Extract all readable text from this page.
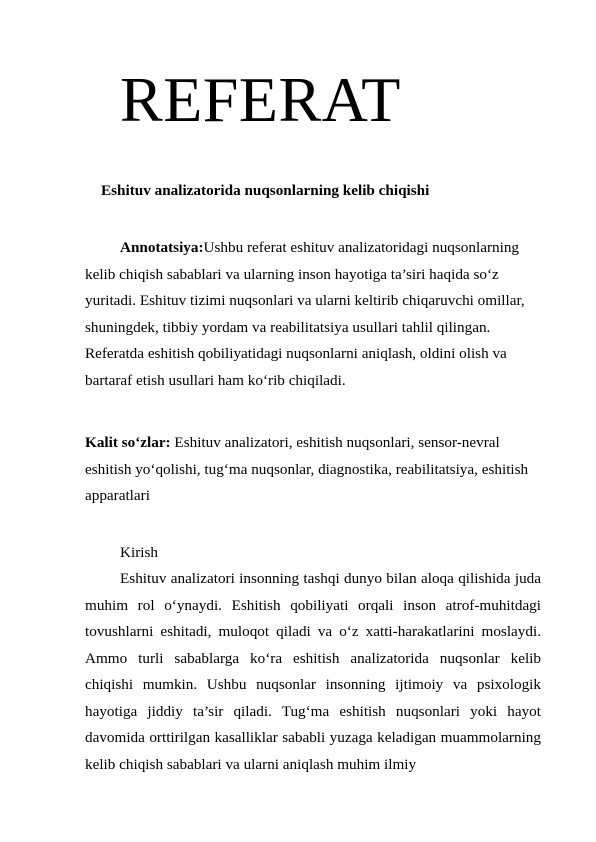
REFERAT
Eshituv analizatorida nuqsonlarning kelib chiqishi

Annotatsiya:Ushbu referat eshituv analizatoridagi nuqsonlarning kelib chiqish sabablari va ularning inson hayotiga ta’siri haqida so‘z yuritadi. Eshituv tizimi nuqsonlari va ularni keltirib chiqaruvchi omillar, shuningdek, tibbiy yordam va reabilitatsiya usullari tahlil qilingan. Referatda eshitish qobiliyatidagi nuqsonlarni aniqlash, oldini olish va bartaraf etish usullari ham ko‘rib chiqiladi.

Kalit so‘zlar: Eshituv analizatori, eshitish nuqsonlari, sensor-nevral eshitish yo‘qolishi, tug‘ma nuqsonlar, diagnostika, reabilitatsiya, eshitish apparatlari

Kirish

Eshituv analizatori insonning tashqi dunyo bilan aloqa qilishida juda muhim rol o‘ynaydi. Eshitish qobiliyati orqali inson atrof-muhitdagi tovushlarni eshitadi, muloqot qiladi va o‘z xatti-harakatlarini moslaydi. Ammo turli sabablarga ko‘ra eshitish analizatorida nuqsonlar kelib chiqishi mumkin. Ushbu nuqsonlar insonning ijtimoiy va psixologik hayotiga jiddiy ta’sir qiladi. Tug‘ma eshitish nuqsonlari yoki hayot davomida orttirilgan kasalliklar sababli yuzaga keladigan muammolarning kelib chiqish sabablari va ularni aniqlash muhim ilmiy
